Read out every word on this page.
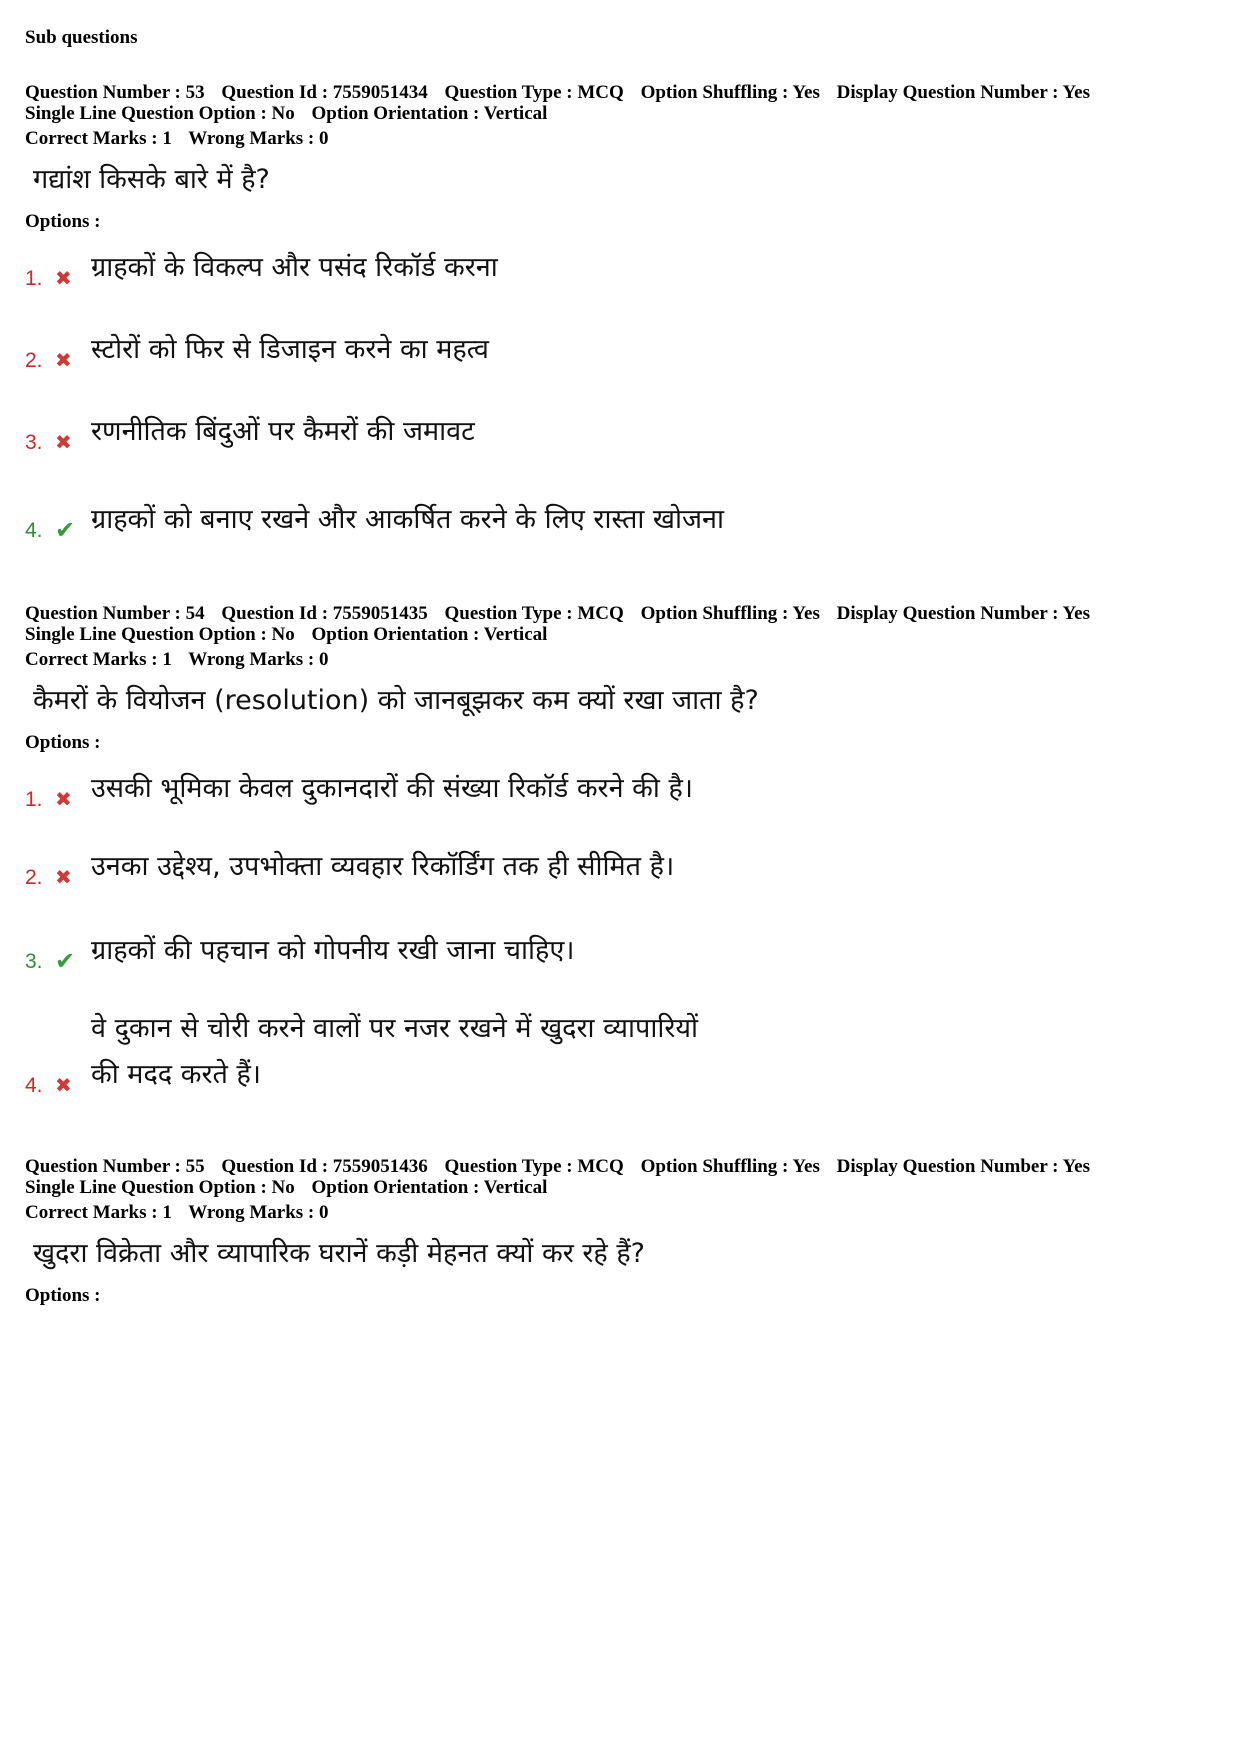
Sub questions
Question Number : 53 Question Id : 7559051434 Question Type : MCQ Option Shuffling : Yes Display Question Number : Yes
Single Line Question Option : No Option Orientation : Vertical
Correct Marks : 1 Wrong Marks : 0
गद्यांश किसके बारे में है?
Options :
1. ✖ ग्राहकों के विकल्प और पसंद रिकॉर्ड करना
2. ✖ स्टोरों को फिर से डिजाइन करने का महत्व
3. ✖ रणनीतिक बिंदुओं पर कैमरों की जमावट
4. ✔ ग्राहकों को बनाए रखने और आकर्षित करने के लिए रास्ता खोजना
Question Number : 54 Question Id : 7559051435 Question Type : MCQ Option Shuffling : Yes Display Question Number : Yes
Single Line Question Option : No Option Orientation : Vertical
Correct Marks : 1 Wrong Marks : 0
कैमरों के वियोजन (resolution) को जानबूझकर कम क्यों रखा जाता है?
Options :
1. ✖ उसकी भूमिका केवल दुकानदारों की संख्या रिकॉर्ड करने की है।
2. ✖ उनका उद्देश्य, उपभोक्ता व्यवहार रिकॉर्डिंग तक ही सीमित है।
3. ✔ ग्राहकों की पहचान को गोपनीय रखी जाना चाहिए।
4. ✖
वे दुकान से चोरी करने वालों पर नजर रखने में खुदरा व्यापारियों की मदद करते हैं।
Question Number : 55 Question Id : 7559051436 Question Type : MCQ Option Shuffling : Yes Display Question Number : Yes
Single Line Question Option : No Option Orientation : Vertical
Correct Marks : 1 Wrong Marks : 0
खुदरा विक्रेता और व्यापारिक घरानें कड़ी मेहनत क्यों कर रहे हैं?
Options :
